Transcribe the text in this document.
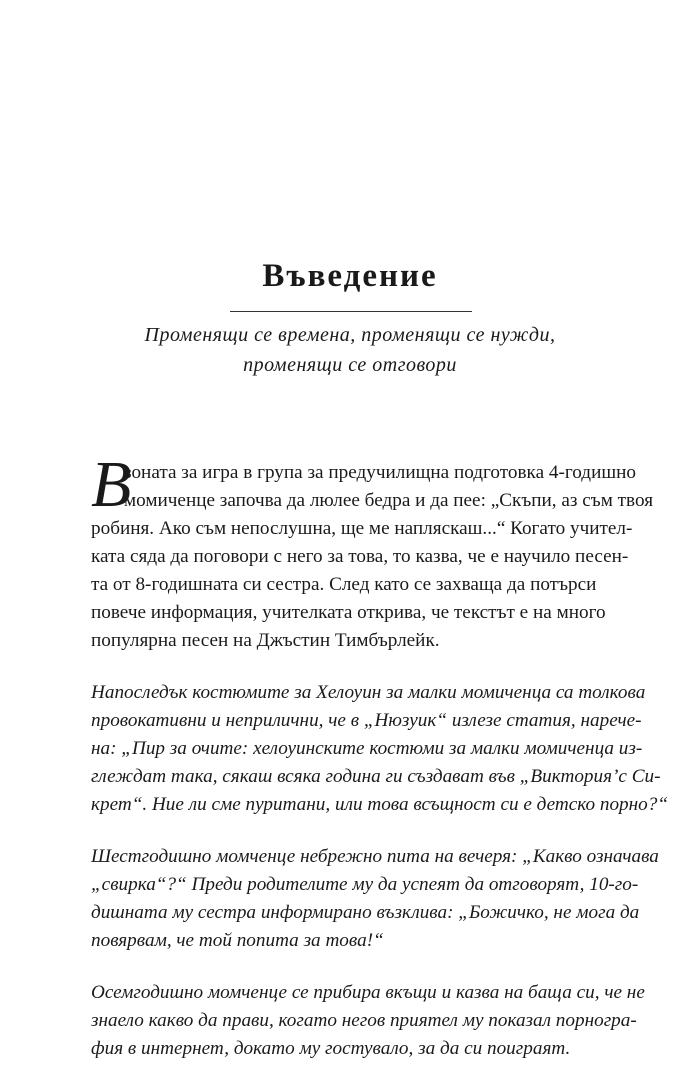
Въведение
Променящи се времена, променящи се нужди,
променящи се отговори
В
зоната за игра в група за предучилищна подготовка 4-годишно
момиченце започва да люлее бедра и да пее: „Скъпи, аз съм твоя
робиня. Ако съм непослушна, ще ме напляскаш...“ Когато учител-
ката сяда да поговори с него за това, то казва, че е научило песен-
та от 8-годишната си сестра. След като се захваща да потърси
повече информация, учителката открива, че текстът е на много
популярна песен на Джъстин Тимбърлейк.
Напоследък костюмите за Хелоуин за малки момиченца са толкова
провокативни и неприлични, че в „Нюзуик“ излезе статия, нарече-
на: „Пир за очите: хелоуинските костюми за малки момиченца из-
глеждат така, сякаш всяка година ги създават във „Виктория’с Си-
крет“. Ние ли сме пуритани, или това всъщност си е детско порно?“
Шестгодишно момченце небрежно пита на вечеря: „Какво означава
„свирка“?“ Преди родителите му да успеят да отговорят, 10-го-
дишната му сестра информирано възклива: „Божичко, не мога да
повярвам, че той попита за това!“
Осемгодишно момченце се прибира вкъщи и казва на баща си, че не
знаело какво да прави, когато негов приятел му показал порногра-
фия в интернет, докато му гостувало, за да си поиграят.
